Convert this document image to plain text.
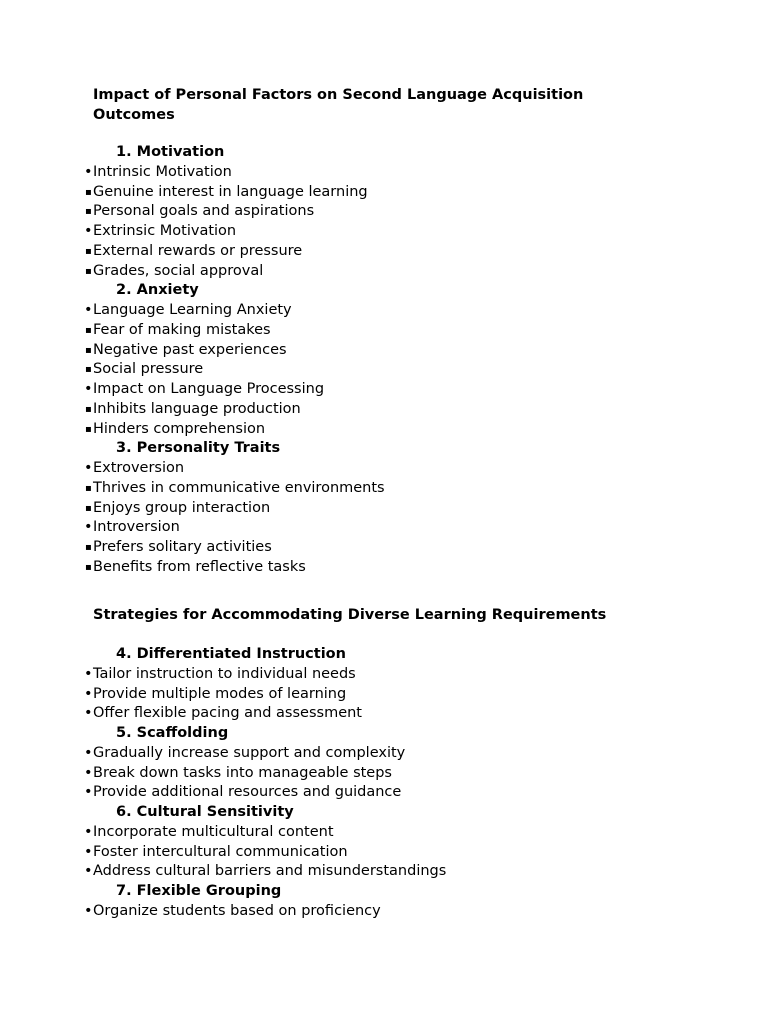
Impact of Personal Factors on Second Language Acquisition Outcomes
1. Motivation
•Intrinsic Motivation
▪Genuine interest in language learning
▪Personal goals and aspirations
•Extrinsic Motivation
▪External rewards or pressure
▪Grades, social approval
2. Anxiety
•Language Learning Anxiety
▪Fear of making mistakes
▪Negative past experiences
▪Social pressure
•Impact on Language Processing
▪Inhibits language production
▪Hinders comprehension
3. Personality Traits
•Extroversion
▪Thrives in communicative environments
▪Enjoys group interaction
•Introversion
▪Prefers solitary activities
▪Benefits from reflective tasks
Strategies for Accommodating Diverse Learning Requirements
4. Differentiated Instruction
•Tailor instruction to individual needs
•Provide multiple modes of learning
•Offer flexible pacing and assessment
5. Scaffolding
•Gradually increase support and complexity
•Break down tasks into manageable steps
•Provide additional resources and guidance
6. Cultural Sensitivity
•Incorporate multicultural content
•Foster intercultural communication
•Address cultural barriers and misunderstandings
7. Flexible Grouping
•Organize students based on proficiency
